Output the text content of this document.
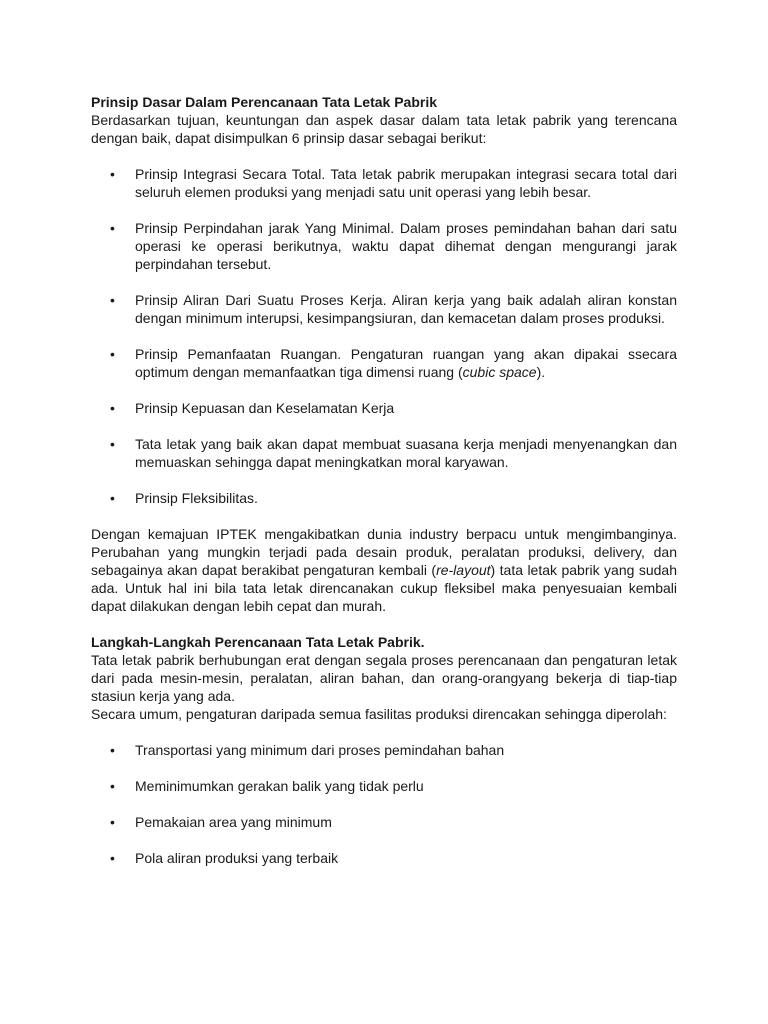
Prinsip Dasar Dalam Perencanaan Tata Letak Pabrik

Berdasarkan tujuan, keuntungan dan aspek dasar dalam tata letak pabrik yang terencana dengan baik, dapat disimpulkan 6 prinsip dasar sebagai berikut:

• Prinsip Integrasi Secara Total. Tata letak pabrik merupakan integrasi secara total dari seluruh elemen produksi yang menjadi satu unit operasi yang lebih besar.
• Prinsip Perpindahan jarak Yang Minimal. Dalam proses pemindahan bahan dari satu operasi ke operasi berikutnya, waktu dapat dihemat dengan mengurangi jarak perpindahan tersebut.
• Prinsip Aliran Dari Suatu Proses Kerja. Aliran kerja yang baik adalah aliran konstan dengan minimum interupsi, kesimpangsiuran, dan kemacetan dalam proses produksi.
• Prinsip Pemanfaatan Ruangan. Pengaturan ruangan yang akan dipakai ssecara optimum dengan memanfaatkan tiga dimensi ruang (cubic space).
• Prinsip Kepuasan dan Keselamatan Kerja
• Tata letak yang baik akan dapat membuat suasana kerja menjadi menyenangkan dan memuaskan sehingga dapat meningkatkan moral karyawan.
• Prinsip Fleksibilitas.

Dengan kemajuan IPTEK mengakibatkan dunia industry berpacu untuk mengimbanginya. Perubahan yang mungkin terjadi pada desain produk, peralatan produksi, delivery, dan sebagainya akan dapat berakibat pengaturan kembali (re-layout) tata letak pabrik yang sudah ada. Untuk hal ini bila tata letak direncanakan cukup fleksibel maka penyesuaian kembali dapat dilakukan dengan lebih cepat dan murah.

Langkah-Langkah Perencanaan Tata Letak Pabrik.

Tata letak pabrik berhubungan erat dengan segala proses perencanaan dan pengaturan letak dari pada mesin-mesin, peralatan, aliran bahan, dan orang-orangyang bekerja di tiap-tiap stasiun kerja yang ada.

Secara umum, pengaturan daripada semua fasilitas produksi direncakan sehingga diperolah:

• Transportasi yang minimum dari proses pemindahan bahan
• Meminimumkan gerakan balik yang tidak perlu
• Pemakaian area yang minimum
• Pola aliran produksi yang terbaik
